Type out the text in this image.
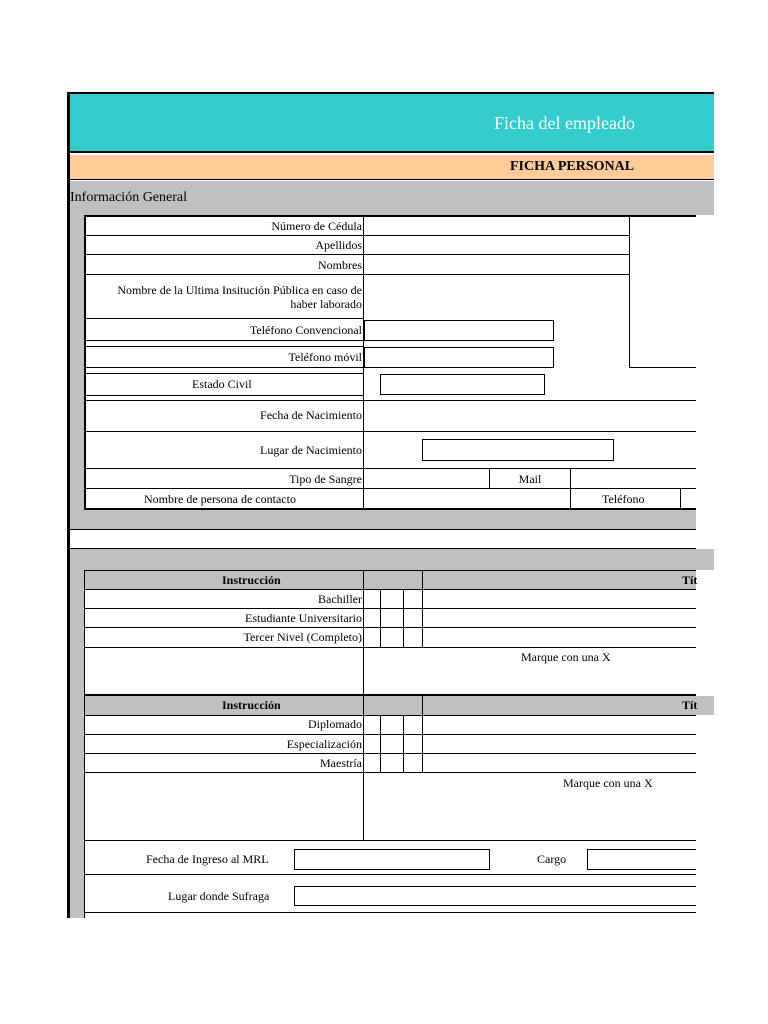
Ficha del empleado
FICHA PERSONAL
Información General
Número de Cédula
Apellidos
Nombres
Nombre de la Ultima Insitución Pública en caso de
haber laborado
Teléfono Convencional
Teléfono móvil
Estado Civil
Fecha de Nacimiento
Lugar de Nacimiento
Tipo de Sangre	Mail
Nombre de persona de contacto	Teléfono
Instrucción	Tít
Bachiller
Estudiante Universitario
Tercer Nivel (Completo)
Marque con una X
Instrucción	Tít
Diplomado
Especialización
Maestría
Marque con una X
Fecha de Ingreso al MRL	Cargo
Lugar donde Sufraga
